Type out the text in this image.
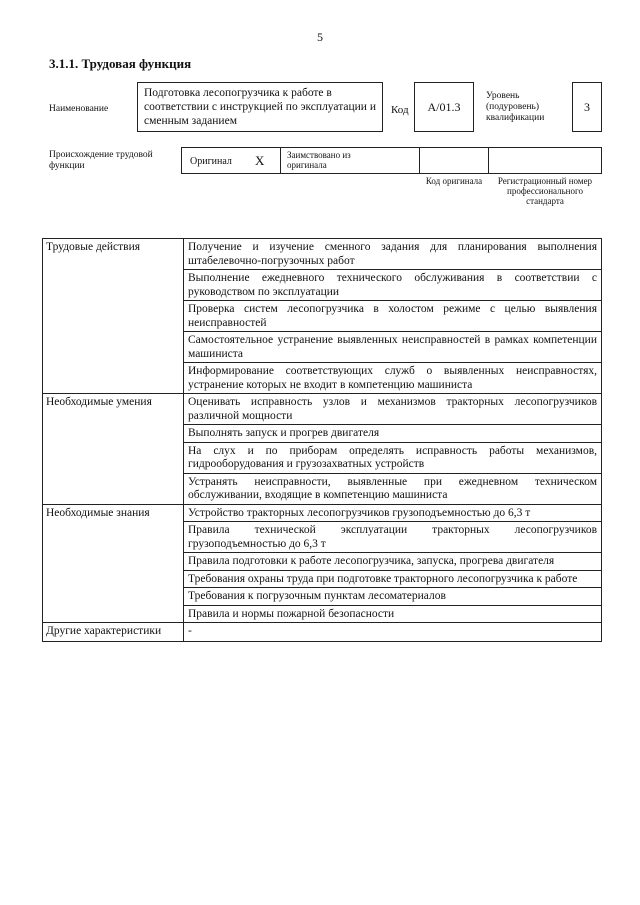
5
3.1.1. Трудовая функция
Наименование
Подготовка лесопогрузчика к работе в соответствии с инструкцией по эксплуатации и сменным заданием
Код А/01.3
Уровень (подуровень) квалификации
3
Происхождение трудовой функции	Оригинал Х	Заимствовано из оригинала
Код оригинала	Регистрационный номер профессионального стандарта
Трудовые действия	Получение и изучение сменного задания для планирования выполнения штабелевочно-погрузочных работ
	Выполнение ежедневного технического обслуживания в соответствии с руководством по эксплуатации
	Проверка систем лесопогрузчика в холостом режиме с целью выявления неисправностей
	Самостоятельное устранение выявленных неисправностей в рамках компетенции машиниста
	Информирование соответствующих служб о выявленных неисправностях, устранение которых не входит в компетенцию машиниста
Необходимые умения	Оценивать исправность узлов и механизмов тракторных лесопогрузчиков различной мощности
	Выполнять запуск и прогрев двигателя
	На слух и по приборам определять исправность работы механизмов, гидрооборудования и грузозахватных устройств
	Устранять неисправности, выявленные при ежедневном техническом обслуживании, входящие в компетенцию машиниста
Необходимые знания	Устройство тракторных лесопогрузчиков грузоподъемностью до 6,3 т
	Правила технической эксплуатации тракторных лесопогрузчиков грузоподъемностью до 6,3 т
	Правила подготовки к работе лесопогрузчика, запуска, прогрева двигателя
	Требования охраны труда при подготовке тракторного лесопогрузчика к работе
	Требования к погрузочным пунктам лесоматериалов
	Правила и нормы пожарной безопасности
Другие характеристики	-
